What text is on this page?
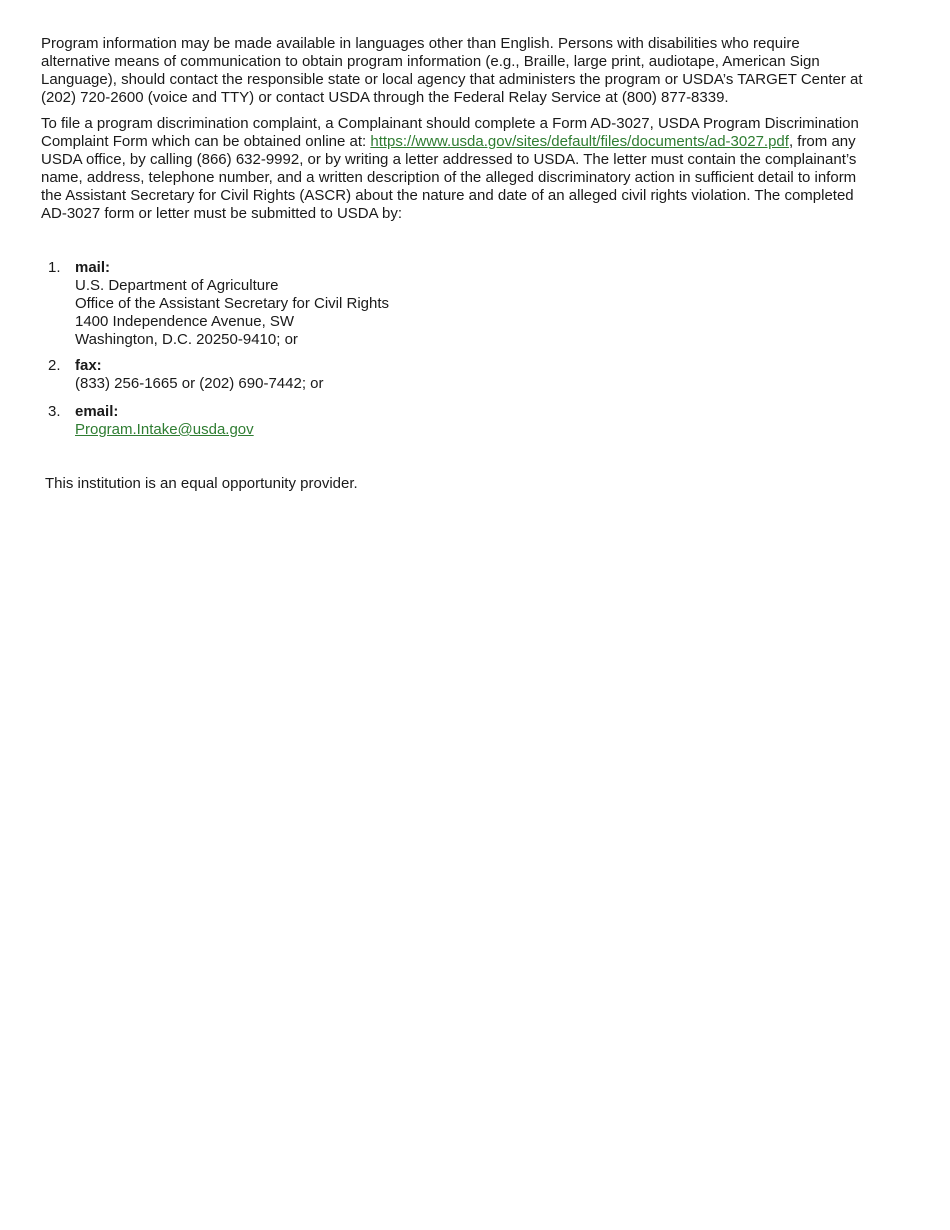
Program information may be made available in languages other than English. Persons with disabilities who require
alternative means of communication to obtain program information (e.g., Braille, large print, audiotape, American Sign
Language), should contact the responsible state or local agency that administers the program or USDA’s TARGET Center at
(202) 720-2600 (voice and TTY) or contact USDA through the Federal Relay Service at (800) 877-8339.
To file a program discrimination complaint, a Complainant should complete a Form AD-3027, USDA Program Discrimination
Complaint Form which can be obtained online at: https://www.usda.gov/sites/default/files/documents/ad-3027.pdf, from any
USDA office, by calling (866) 632-9992, or by writing a letter addressed to USDA. The letter must contain the complainant’s
name, address, telephone number, and a written description of the alleged discriminatory action in sufficient detail to inform
the Assistant Secretary for Civil Rights (ASCR) about the nature and date of an alleged civil rights violation. The completed
AD-3027 form or letter must be submitted to USDA by:
1. mail:
U.S. Department of Agriculture
Office of the Assistant Secretary for Civil Rights
1400 Independence Avenue, SW
Washington, D.C. 20250-9410; or
2. fax:
(833) 256-1665 or (202) 690-7442; or
3. email:
Program.Intake@usda.gov
This institution is an equal opportunity provider.
